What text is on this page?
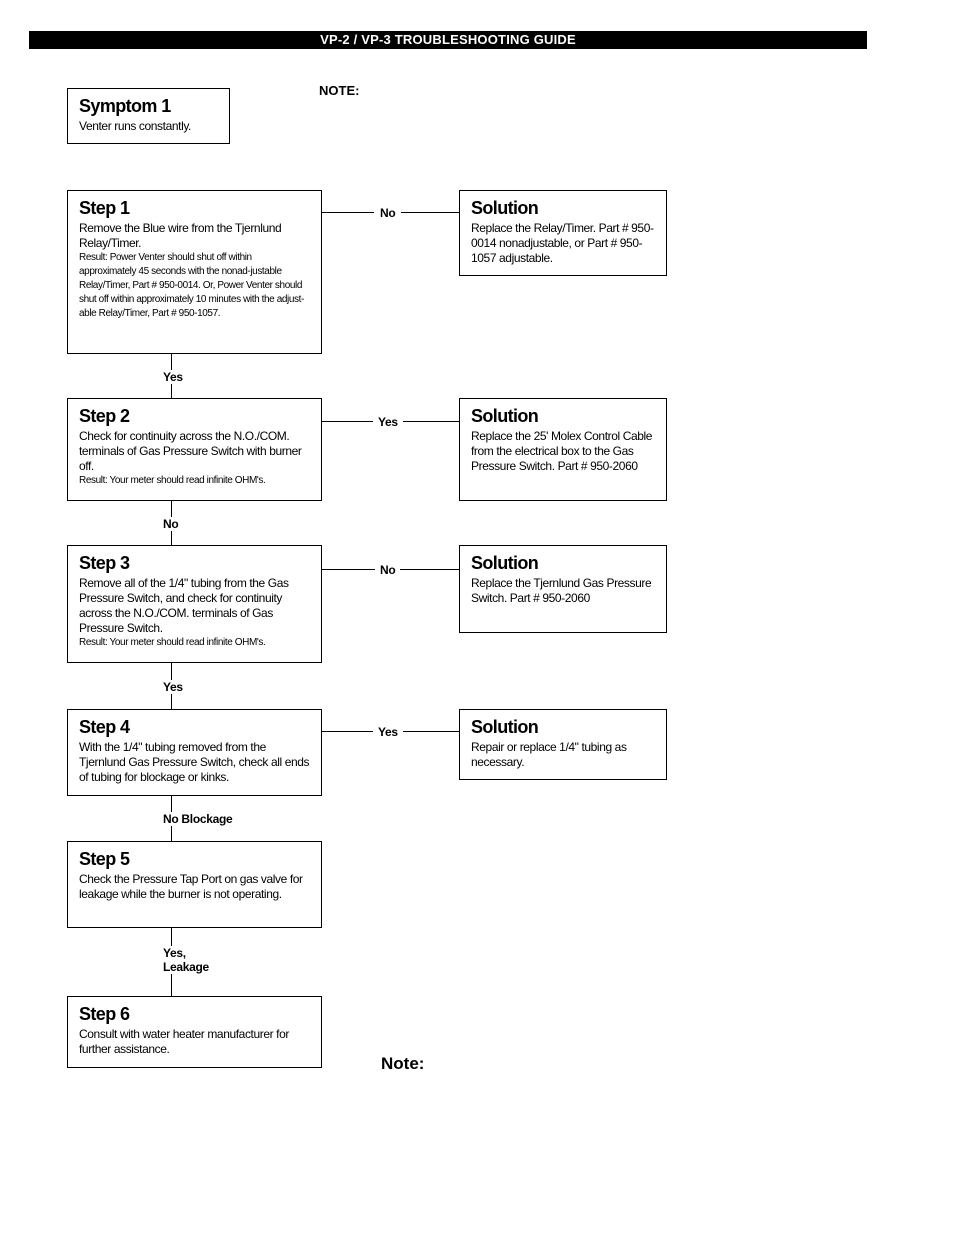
VP-2 / VP-3 TROUBLESHOOTING GUIDE
NOTE:
Symptom 1
Venter runs constantly.
No
Yes
Yes
No
No
Yes
Yes
No Blockage
Yes,
Leakage
Step 1
Remove the Blue wire from the Tjernlund Relay/Timer.
Result: Power Venter should shut off within approximately 45 seconds with the nonad-justable Relay/Timer, Part # 950-0014. Or, Power Venter should shut off within approximately 10 minutes with the adjust-able Relay/Timer, Part # 950-1057.
Step 2
Check for continuity across the N.O./COM. terminals of Gas Pressure Switch with burner off.
Result: Your meter should read infinite OHM's.
Step 3
Remove all of the 1/4" tubing from the Gas Pressure Switch, and check for continuity across the N.O./COM. terminals of Gas Pressure Switch.
Result: Your meter should read infinite OHM's.
Step 4
With the 1/4" tubing removed from the Tjernlund Gas Pressure Switch, check all ends of tubing for blockage or kinks.
Step 5
Check the Pressure Tap Port on gas valve for leakage while the burner is not operating.
Step 6
Consult with water heater manufacturer for further assistance.
Solution
Replace the Relay/Timer. Part # 950-0014 nonadjustable, or Part # 950-1057 adjustable.
Solution
Replace the 25' Molex Control Cable from the electrical box to the Gas Pressure Switch. Part # 950-2060
Solution
Replace the Tjernlund Gas Pressure Switch. Part # 950-2060
Solution
Repair or replace 1/4" tubing as necessary.
Note:
